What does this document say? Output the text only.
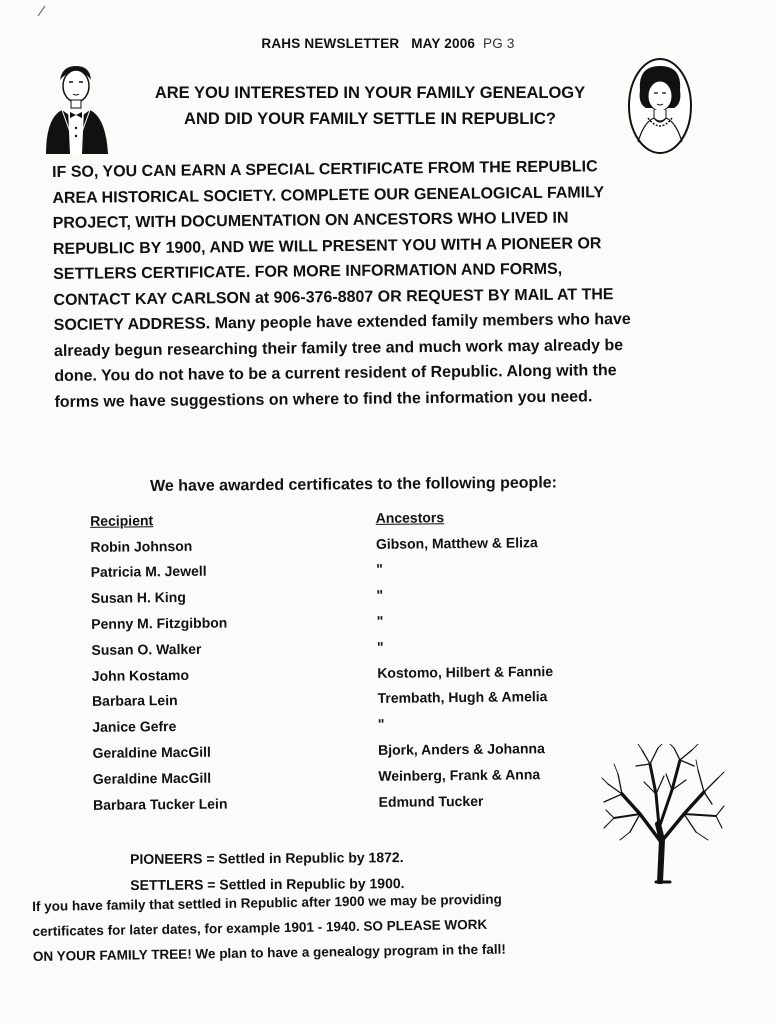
RAHS NEWSLETTER MAY 2006 PG 3
ARE YOU INTERESTED IN YOUR FAMILY GENEALOGY
AND DID YOUR FAMILY SETTLE IN REPUBLIC?
IF SO, YOU CAN EARN A SPECIAL CERTIFICATE FROM THE REPUBLIC
AREA HISTORICAL SOCIETY. COMPLETE OUR GENEALOGICAL FAMILY
PROJECT, WITH DOCUMENTATION ON ANCESTORS WHO LIVED IN
REPUBLIC BY 1900, AND WE WILL PRESENT YOU WITH A PIONEER OR
SETTLERS CERTIFICATE. FOR MORE INFORMATION AND FORMS,
CONTACT KAY CARLSON at 906-376-8807 OR REQUEST BY MAIL AT THE
SOCIETY ADDRESS. Many people have extended family members who have
already begun researching their family tree and much work may already be
done. You do not have to be a current resident of Republic. Along with the
forms we have suggestions on where to find the information you need.
We have awarded certificates to the following people:
Recipient	Ancestors
Robin Johnson	Gibson, Matthew & Eliza
Patricia M. Jewell	"
Susan H. King	"
Penny M. Fitzgibbon	"
Susan O. Walker	"
John Kostamo	Kostomo, Hilbert & Fannie
Barbara Lein	Trembath, Hugh & Amelia
Janice Gefre	"
Geraldine MacGill	Bjork, Anders & Johanna
Geraldine MacGill	Weinberg, Frank & Anna
Barbara Tucker Lein	Edmund Tucker
PIONEERS = Settled in Republic by 1872.
SETTLERS = Settled in Republic by 1900.
If you have family that settled in Republic after 1900 we may be providing
certificates for later dates, for example 1901 - 1940. SO PLEASE WORK
ON YOUR FAMILY TREE! We plan to have a genealogy program in the fall!
